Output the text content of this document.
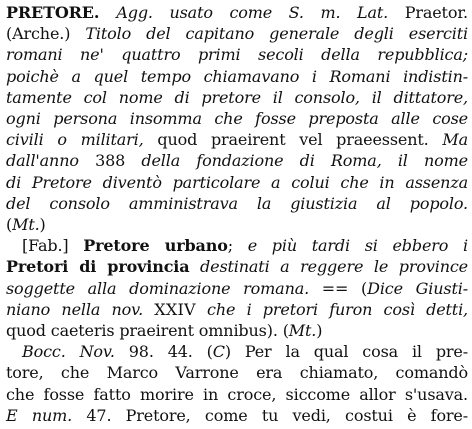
PRETORE. Agg. usato come S. m. Lat. Praetor.
(Arche.) Titolo del capitano generale degli eserciti
romani ne' quattro primi secoli della repubblica;
poichè a quel tempo chiamavano i Romani indistin-
tamente col nome di pretore il consolo, il dittatore,
ogni persona insomma che fosse preposta alle cose
civili o militari, quod praeirent vel praeessent. Ma
dall'anno 388 della fondazione di Roma, il nome
di Pretore diventò particolare a colui che in assenza
del consolo amministrava la giustizia al popolo.
(Mt.)
[Fab.] Pretore urbano; e più tardi si ebbero i
Pretori di provincia destinati a reggere le province
soggette alla dominazione romana. == (Dice Giusti-
niano nella nov. XXIV che i pretori furon così detti,
quod caeteris praeirent omnibus). (Mt.)
Bocc. Nov. 98. 44. (C) Per la qual cosa il pre-
tore, che Marco Varrone era chiamato, comandò
che fosse fatto morire in croce, siccome allor s'usava.
E num. 47. Pretore, come tu vedi, costui è fore-
